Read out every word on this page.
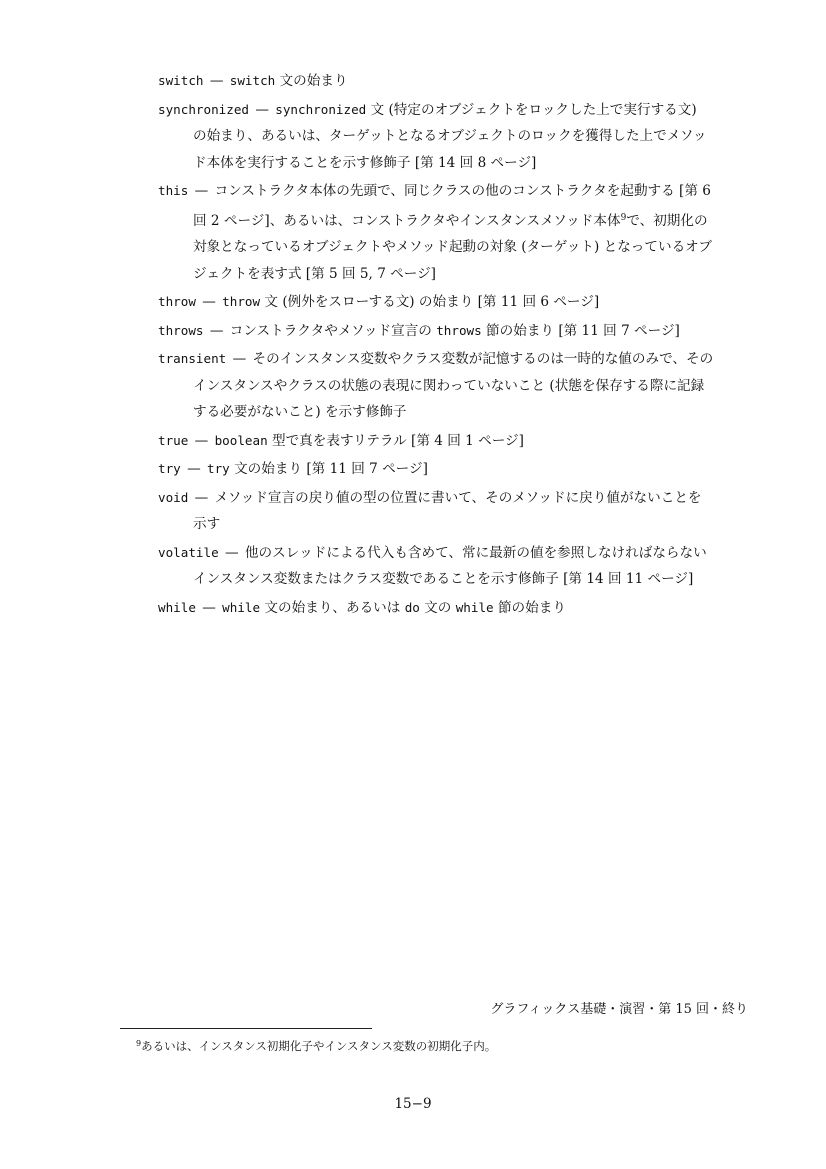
switch — switch 文の始まり

synchronized — synchronized 文 (特定のオブジェクトをロックした上で実行する文) の始まり、あるいは、ターゲットとなるオブジェクトのロックを獲得した上でメソッド本体を実行することを示す修飾子 [第 14 回 8 ページ]

this — コンストラクタ本体の先頭で、同じクラスの他のコンストラクタを起動する [第 6 回 2 ページ]、あるいは、コンストラクタやインスタンスメソッド本体$^9$で、初期化の対象となっているオブジェクトやメソッド起動の対象 (ターゲット) となっているオブジェクトを表す式 [第 5 回 5, 7 ページ]

throw — throw 文 (例外をスローする文) の始まり [第 11 回 6 ページ]

throws — コンストラクタやメソッド宣言の throws 節の始まり [第 11 回 7 ページ]

transient — そのインスタンス変数やクラス変数が記憶するのは一時的な値のみで、そのインスタンスやクラスの状態の表現に関わっていないこと (状態を保存する際に記録する必要がないこと) を示す修飾子

true — boolean 型で真を表すリテラル [第 4 回 1 ページ]

try — try 文の始まり [第 11 回 7 ページ]

void — メソッド宣言の戻り値の型の位置に書いて、そのメソッドに戻り値がないことを示す

volatile — 他のスレッドによる代入も含めて、常に最新の値を参照しなければならないインスタンス変数またはクラス変数であることを示す修飾子 [第 14 回 11 ページ]

while — while 文の始まり、あるいは do 文の while 節の始まり

グラフィックス基礎・演習・第 15 回・終り
$^9$あるいは、インスタンス初期化子やインスタンス変数の初期化子内。
15−9
